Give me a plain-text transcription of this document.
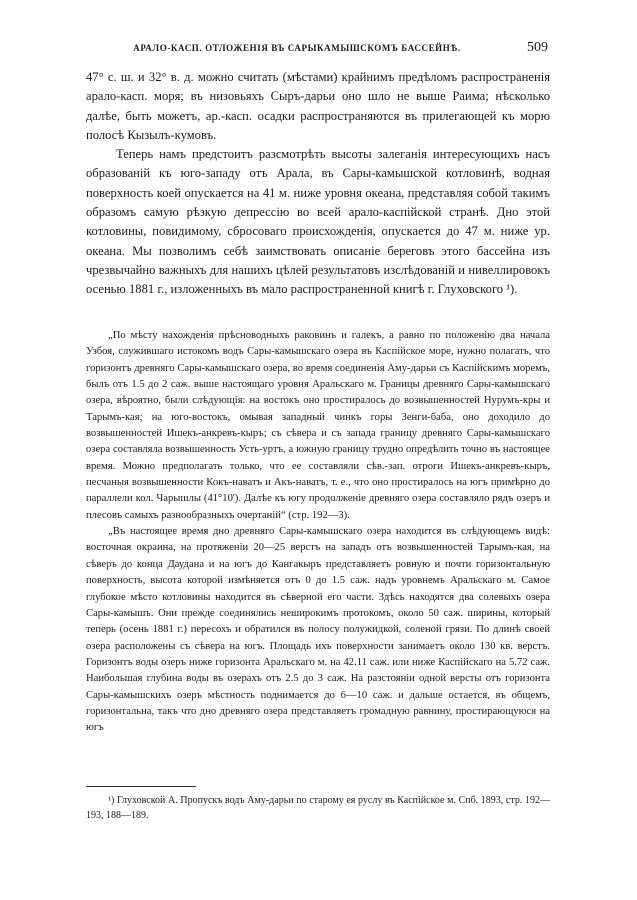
АРАЛО-КАСП. ОТЛОЖЕНІЯ ВЪ САРЫКАМЫШСКОМЪ БАССЕЙНѢ.	509

47° с. ш. и 32° в. д. можно считать (мѣстами) крайнимъ предѣломъ распространенія арало-касп. моря; въ низовьяхъ Сыръ-дарьи оно шло не выше Раима; нѣсколько далѣе, быть можетъ, ар.-касп. осадки распространяются въ прилегающей къ морю полосѣ Кызылъ-кумовъ.

Теперь намъ предстоитъ разсмотрѣть высоты залеганія интересующихъ насъ образованій къ юго-западу отъ Арала, въ Сары-камышской котловинѣ, водная поверхность коей опускается на 41 м. ниже уровня океана, представляя собой такимъ образомъ самую рѣзкую депрессію во всей арало-каспійской странѣ. Дно этой котловины, повидимому, сбросоваго происхожденія, опускается до 47 м. ниже ур. океана. Мы позволимъ себѣ заимствовать описаніе береговъ этого бассейна изъ чрезвычайно важныхъ для нашихъ цѣлей результатовъ изслѣдованій и нивеллировокъ осенью 1881 г., изложенныхъ въ мало распространенной книгѣ г. Глуховского ¹).

„По мѣсту нахожденія прѣсноводныхъ раковинъ и галекъ, а равно по положенію два начала Узбоя, служившаго истокомъ водъ Сары-камышскаго озера въ Каспійское море, нужно полагать, что горизонтъ древняго Сары-камышскаго озера, во время соединенія Аму-дарьи съ Каспійскимъ моремъ, былъ отъ 1.5 до 2 саж. выше настоящаго уровня Аральскаго м. Границы древняго Сары-камышскаго озера, вѣроятно, были слѣдующія: на востокъ оно простиралось до возвышенностей Нурумъ-кры и Тарымъ-кая; на юго-востокъ, омывая западный чинкъ горы Зенги-баба, оно доходило до возвышенностей Ишекъ-анкревъ-кыръ; съ сѣвера и съ запада границу древняго Сары-камышскаго озера составляла возвышенность Усть-уртъ, а южную границу трудно опредѣлить точно въ настоящее время. Можно предполагать только, что ее составляли сѣв.-зап. отроги Ишекъ-анкревъ-кыръ, песчаныя возвышенности Кокъ-наватъ и Акъ-наватъ, т. е., что оно простиралось на югъ примѣрно до параллели кол. Чарышлы (41°10'). Далѣе къ югу продолженіе древняго озера составляло рядъ озеръ и плесовъ самыхъ разнообразныхъ очертаній“ (стр. 192—3).

„Въ настоящее время дно древняго Сары-камышскаго озера находится въ слѣдующемъ видѣ: восточная окраина, на протяженіи 20—25 верстъ на западъ отъ возвышенностей Тарымъ-кая, на сѣверъ до конца Даудана и на югъ до Кангакыръ представляетъ ровную и почти горизонтальную поверхность, высота которой измѣняется отъ 0 до 1.5 саж. надъ уровнемъ Аральскаго м. Самое глубокое мѣсто котловины находится въ сѣверной его части. Здѣсь находятся два солевыхъ озера Сары-камышъ. Они прежде соединялись неширокимъ протокомъ, около 50 саж. ширины, который теперь (осень 1881 г.) пересохъ и обратился въ полосу полужидкой, соленой грязи. По длинѣ своей озера расположены съ сѣвера на югъ. Площадь ихъ поверхности занимаетъ около 130 кв. верстъ. Горизонтъ воды озеръ ниже горизонта Аральскаго м. на 42.11 саж. или ниже Каспійскаго на 5.72 саж. Наибольшая глубина воды въ озерахъ отъ 2.5 до 3 саж. На разстояніи одной версты отъ горизонта Сары-камышскихъ озеръ мѣстность поднимается до 6—10 саж. и дальше остается, въ общемъ, горизонтальна, такъ что дно древняго озера представляетъ громадную равнину, простирающуюся на югъ

¹) Глуховской А. Пропускъ водъ Аму-дарьи по старому ея руслу въ Каспійское м. Спб. 1893, стр. 192—193, 188—189.
